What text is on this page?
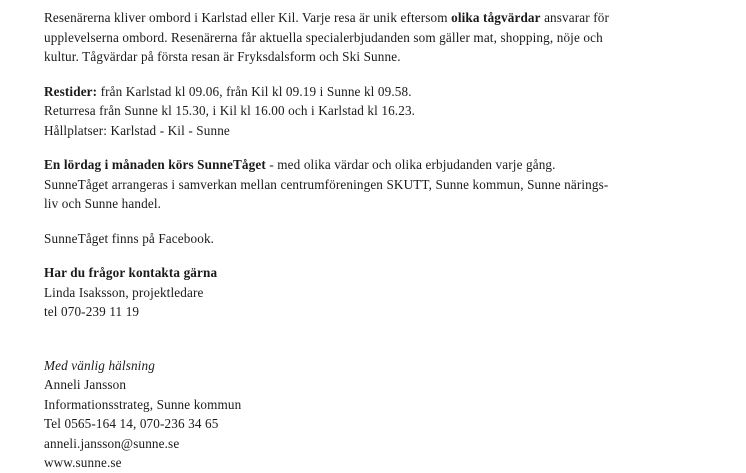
Resenärerna kliver ombord i Karlstad eller Kil. Varje resa är unik eftersom olika tågvärdar ansvarar för

upplevelserna ombord. Resenärerna får aktuella specialerbjudanden som gäller mat, shopping, nöje och

kultur. Tågvärdar på första resan är Fryksdalsform och Ski Sunne.

Restider: från Karlstad kl 09.06, från Kil kl 09.19 i Sunne kl 09.58.

Returresa från Sunne kl 15.30, i Kil kl 16.00 och i Karlstad kl 16.23.

Hållplatser: Karlstad - Kil - Sunne

En lördag i månaden körs SunneTåget - med olika värdar och olika erbjudanden varje gång.

SunneTåget arrangeras i samverkan mellan centrumföreningen SKUTT, Sunne kommun, Sunne närings-

liv och Sunne handel.

SunneTåget finns på Facebook.

Har du frågor kontakta gärna

Linda Isaksson, projektledare

tel 070-239 11 19

Med vänlig hälsning

Anneli Jansson

Informationsstrateg, Sunne kommun

Tel 0565-164 14, 070-236 34 65

anneli.jansson@sunne.se

www.sunne.se
